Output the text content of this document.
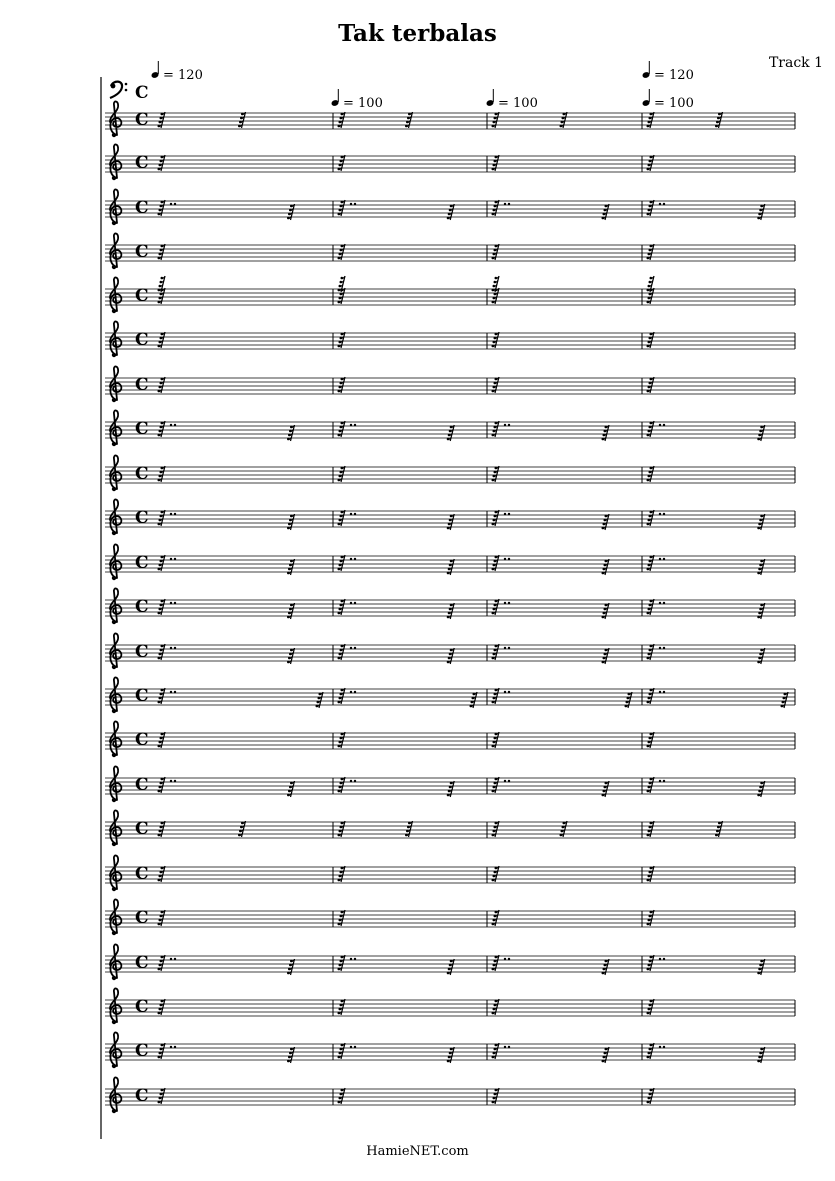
Tak terbalas
Track 1
C
C
C
C
C
C
C
C
C
C
C
C
C
C
C
C
C
C
C
C
C
C
C
C
= 120
= 100	= 100
= 120
= 100
HamieNET.com
